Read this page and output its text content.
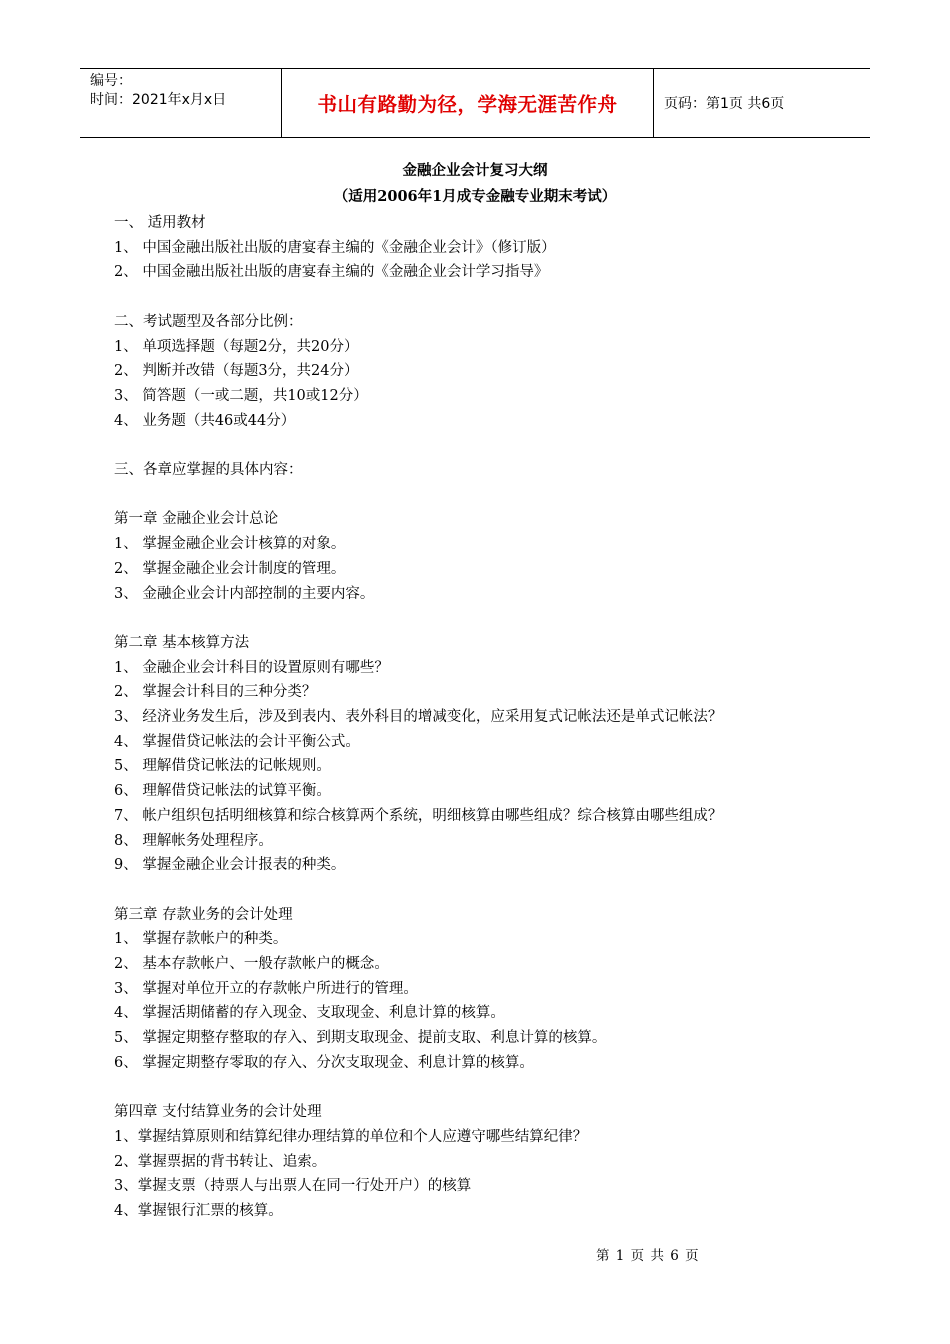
编号：
时间：2021年x月x日	书山有路勤为径，学海无涯苦作舟	页码：第1页 共6页
金融企业会计复习大纲
（适用2006年1月成专金融专业期末考试）
一、 适用教材
1、 中国金融出版社出版的唐宴春主编的《金融企业会计》（修订版）
2、 中国金融出版社出版的唐宴春主编的《金融企业会计学习指导》
二、考试题型及各部分比例：
1、 单项选择题（每题2分，共20分）
2、 判断并改错（每题3分，共24分）
3、 简答题（一或二题，共10或12分）
4、 业务题（共46或44分）
三、各章应掌握的具体内容：
第一章 金融企业会计总论
1、 掌握金融企业会计核算的对象。
2、 掌握金融企业会计制度的管理。
3、 金融企业会计内部控制的主要内容。
第二章 基本核算方法
1、 金融企业会计科目的设置原则有哪些？
2、 掌握会计科目的三种分类？
3、 经济业务发生后，涉及到表内、表外科目的增减变化，应采用复式记帐法还是单式记帐法？
4、 掌握借贷记帐法的会计平衡公式。
5、 理解借贷记帐法的记帐规则。
6、 理解借贷记帐法的试算平衡。
7、 帐户组织包括明细核算和综合核算两个系统，明细核算由哪些组成？综合核算由哪些组成？
8、 理解帐务处理程序。
9、 掌握金融企业会计报表的种类。
第三章 存款业务的会计处理
1、 掌握存款帐户的种类。
2、 基本存款帐户、一般存款帐户的概念。
3、 掌握对单位开立的存款帐户所进行的管理。
4、 掌握活期储蓄的存入现金、支取现金、利息计算的核算。
5、 掌握定期整存整取的存入、到期支取现金、提前支取、利息计算的核算。
6、 掌握定期整存零取的存入、分次支取现金、利息计算的核算。
第四章 支付结算业务的会计处理
1、掌握结算原则和结算纪律办理结算的单位和个人应遵守哪些结算纪律？
2、掌握票据的背书转让、追索。
3、掌握支票（持票人与出票人在同一行处开户）的核算
4、掌握银行汇票的核算。
第 1 页 共 6 页
